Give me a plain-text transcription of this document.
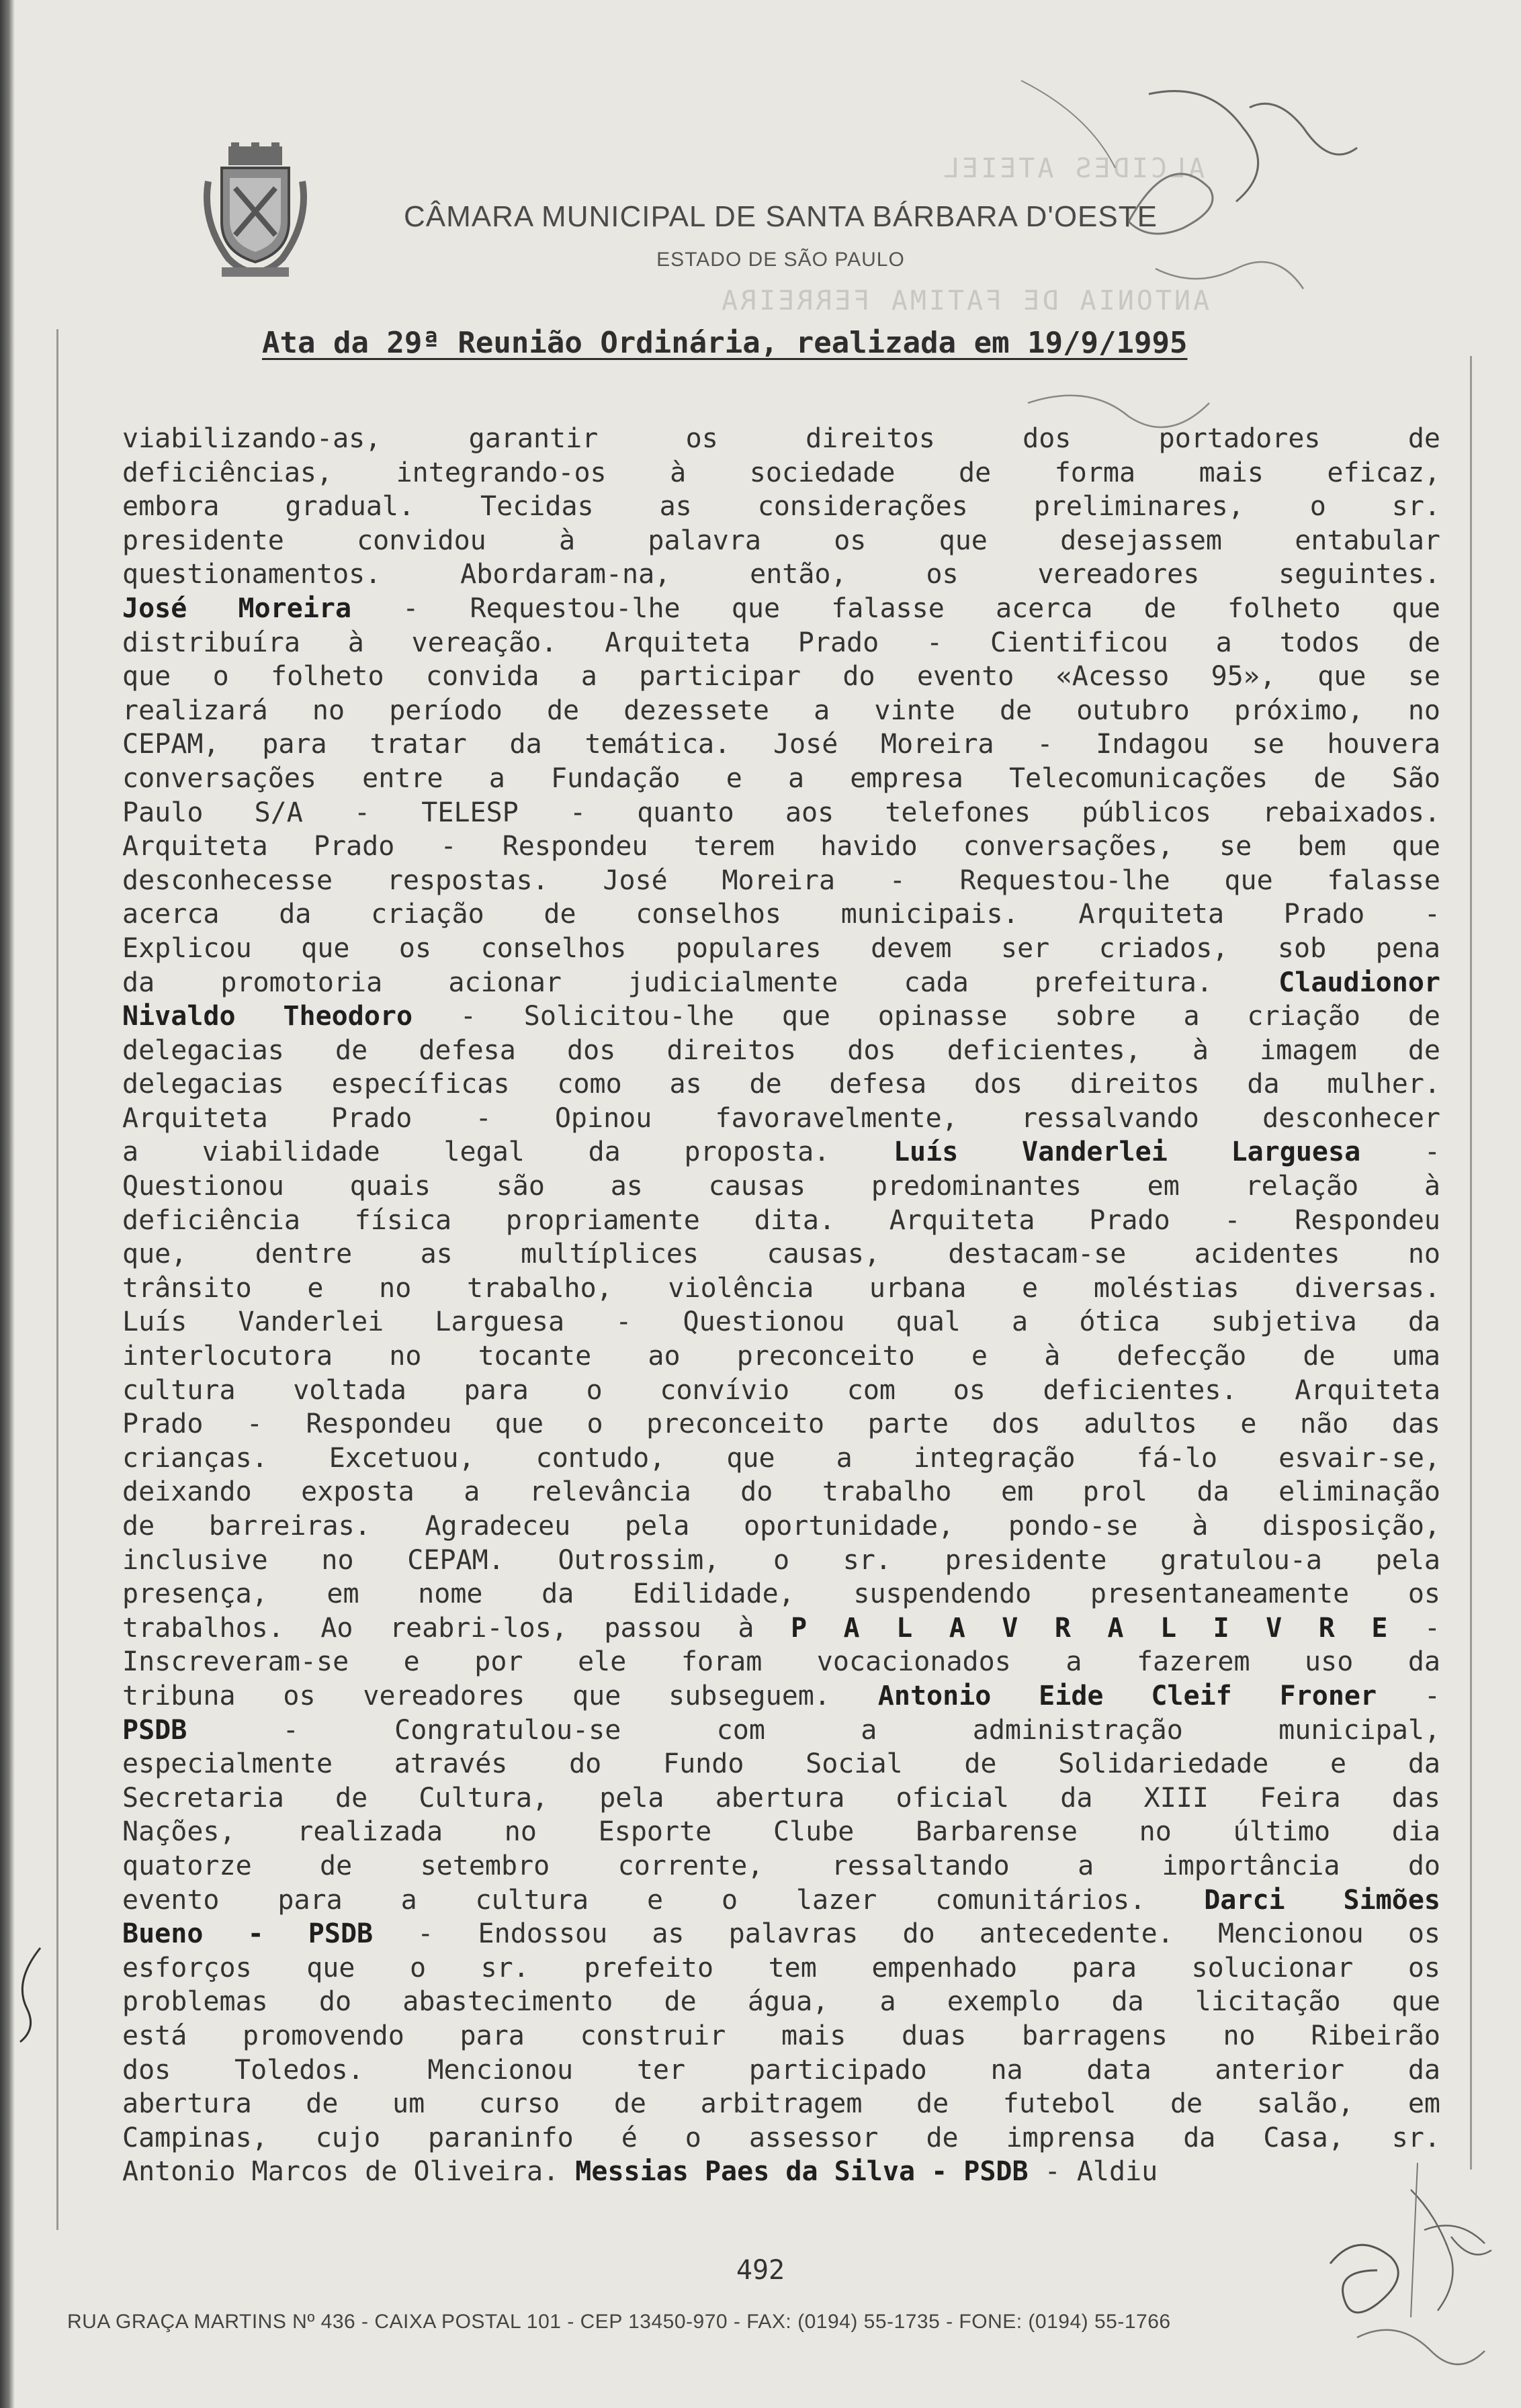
ALCIDES ATEIEL
ANTONIA DE FATIMA FERREIRA
CÂMARA MUNICIPAL DE SANTA BÁRBARA D'OESTE
ESTADO DE SÃO PAULO
Ata da 29ª Reunião Ordinária, realizada em 19/9/1995
viabilizando-as, garantir os direitos dos portadores de
deficiências, integrando-os à sociedade de forma mais eficaz,
embora gradual. Tecidas as considerações preliminares, o sr.
presidente convidou à palavra os que desejassem entabular
questionamentos. Abordaram-na, então, os vereadores seguintes.
José Moreira - Requestou-lhe que falasse acerca de folheto que
distribuíra à vereação. Arquiteta Prado - Cientificou a todos de
que o folheto convida a participar do evento «Acesso 95», que se
realizará no período de dezessete a vinte de outubro próximo, no
CEPAM, para tratar da temática. José Moreira - Indagou se houvera
conversações entre a Fundação e a empresa Telecomunicações de São
Paulo S/A - TELESP - quanto aos telefones públicos rebaixados.
Arquiteta Prado - Respondeu terem havido conversações, se bem que
desconhecesse respostas. José Moreira - Requestou-lhe que falasse
acerca da criação de conselhos municipais. Arquiteta Prado -
Explicou que os conselhos populares devem ser criados, sob pena
da promotoria acionar judicialmente cada prefeitura. Claudionor
Nivaldo Theodoro - Solicitou-lhe que opinasse sobre a criação de
delegacias de defesa dos direitos dos deficientes, à imagem de
delegacias específicas como as de defesa dos direitos da mulher.
Arquiteta Prado - Opinou favoravelmente, ressalvando desconhecer
a viabilidade legal da proposta. Luís Vanderlei Larguesa -
Questionou quais são as causas predominantes em relação à
deficiência física propriamente dita. Arquiteta Prado - Respondeu
que, dentre as multíplices causas, destacam-se acidentes no
trânsito e no trabalho, violência urbana e moléstias diversas.
Luís Vanderlei Larguesa - Questionou qual a ótica subjetiva da
interlocutora no tocante ao preconceito e à defecção de uma
cultura voltada para o convívio com os deficientes. Arquiteta
Prado - Respondeu que o preconceito parte dos adultos e não das
crianças. Excetuou, contudo, que a integração fá-lo esvair-se,
deixando exposta a relevância do trabalho em prol da eliminação
de barreiras. Agradeceu pela oportunidade, pondo-se à disposição,
inclusive no CEPAM. Outrossim, o sr. presidente gratulou-a pela
presença, em nome da Edilidade, suspendendo presentaneamente os
trabalhos. Ao reabri-los, passou à P A L A V R A L I V R E -
Inscreveram-se e por ele foram vocacionados a fazerem uso da
tribuna os vereadores que subseguem. Antonio Eide Cleif Froner -
PSDB - Congratulou-se com a administração municipal,
especialmente através do Fundo Social de Solidariedade e da
Secretaria de Cultura, pela abertura oficial da XIII Feira das
Nações, realizada no Esporte Clube Barbarense no último dia
quatorze de setembro corrente, ressaltando a importância do
evento para a cultura e o lazer comunitários. Darci Simões
Bueno - PSDB - Endossou as palavras do antecedente. Mencionou os
esforços que o sr. prefeito tem empenhado para solucionar os
problemas do abastecimento de água, a exemplo da licitação que
está promovendo para construir mais duas barragens no Ribeirão
dos Toledos. Mencionou ter participado na data anterior da
abertura de um curso de arbitragem de futebol de salão, em
Campinas, cujo paraninfo é o assessor de imprensa da Casa, sr.
Antonio Marcos de Oliveira. Messias Paes da Silva - PSDB - Aldiu
492
RUA GRAÇA MARTINS Nº 436 - CAIXA POSTAL 101 - CEP 13450-970 - FAX: (0194) 55-1735 - FONE: (0194) 55-1766
